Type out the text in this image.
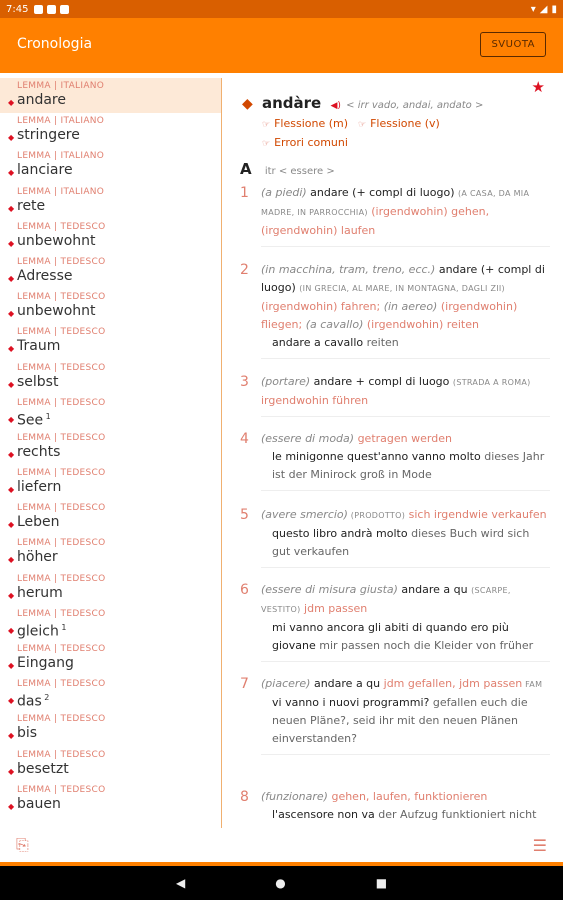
7:45	▾ ◢ ▮
Cronologia	SVUOTA
LEMMA | ITALIANO
◆ andare
LEMMA | ITALIANO
◆ stringere
LEMMA | ITALIANO
◆ lanciare
LEMMA | ITALIANO
◆ rete
LEMMA | TEDESCO
◆ unbewohnt
LEMMA | TEDESCO
◆ Adresse
LEMMA | TEDESCO
◆ unbewohnt
LEMMA | TEDESCO
◆ Traum
LEMMA | TEDESCO
◆ selbst
LEMMA | TEDESCO
◆ See $^1$
LEMMA | TEDESCO
◆ rechts
LEMMA | TEDESCO
◆ liefern
LEMMA | TEDESCO
◆ Leben
LEMMA | TEDESCO
◆ höher
LEMMA | TEDESCO
◆ herum
LEMMA | TEDESCO
◆ gleich $^1$
LEMMA | TEDESCO
◆ Eingang
LEMMA | TEDESCO
◆ das $^2$
LEMMA | TEDESCO
◆ bis
LEMMA | TEDESCO
◆ besetzt
LEMMA | TEDESCO
◆ bauen
★
◆ andàre ◀) < irr vado, andai, andato >
☞ Flessione (m) ☞ Flessione (v)
☞ Errori comuni
A itr < essere >
1	(a piedi) andare (+ compl di luogo) (A CASA, DA MIA MADRE, IN PARROCCHIA) (irgendwohin) gehen, (irgendwohin) laufen
2	(in macchina, tram, treno, ecc.) andare (+ compl di luogo) (IN GRECIA, AL MARE, IN MONTAGNA, DAGLI ZII) (irgendwohin) fahren; (in aereo) (irgendwohin) fliegen; (a cavallo) (irgendwohin) reiten
andare a cavallo reiten
3	(portare) andare + compl di luogo (STRADA A ROMA) irgendwohin führen
4	(essere di moda) getragen werden
le minigonne quest'anno vanno molto dieses Jahr ist der Minirock groß in Mode
5	(avere smercio) (PRODOTTO) sich irgendwie verkaufen
questo libro andrà molto dieses Buch wird sich gut verkaufen
6	(essere di misura giusta) andare a qu (SCARPE, VESTITO) jdm passen
mi vanno ancora gli abiti di quando ero più giovane mir passen noch die Kleider von früher
7	(piacere) andare a qu jdm gefallen, jdm passen FAM
vi vanno i nuovi programmi? gefallen euch die neuen Pläne?, seid ihr mit den neuen Plänen einverstanden?
8	(funzionare) gehen, laufen, funktionieren
l'ascensore non va der Aufzug funktioniert nicht
⎘	☰
◀	●	■
